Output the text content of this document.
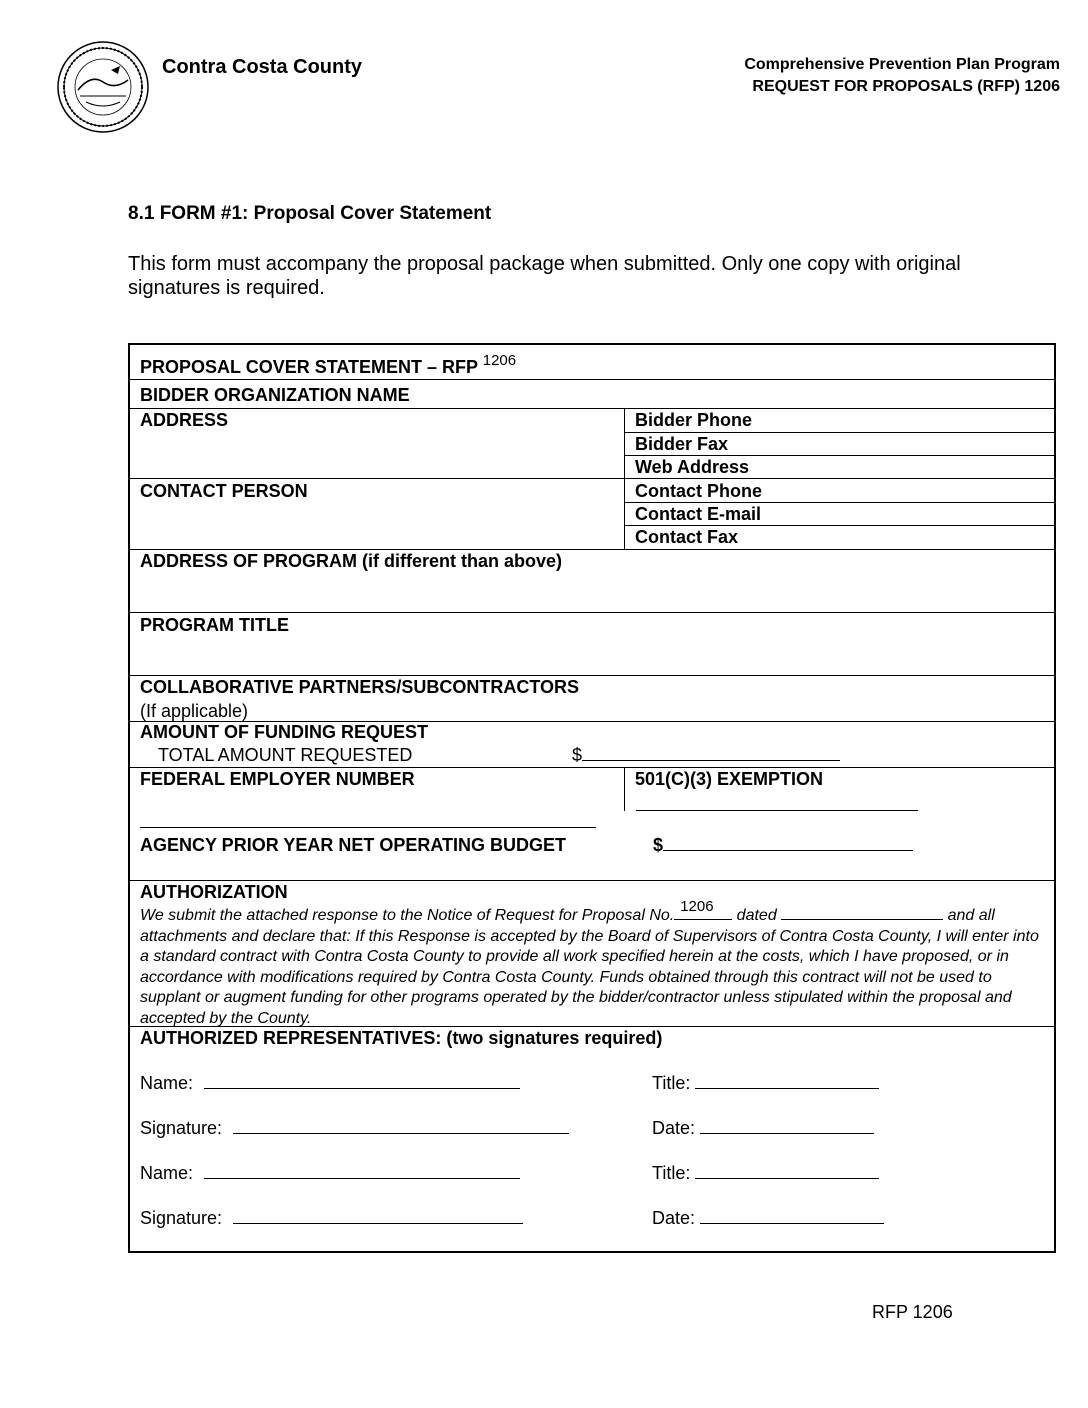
Contra Costa County	Comprehensive Prevention Plan Program
REQUEST FOR PROPOSALS (RFP) 1206
8.1 FORM #1: Proposal Cover Statement
This form must accompany the proposal package when submitted. Only one copy with original signatures is required.
PROPOSAL COVER STATEMENT – RFP $^{1206}$
BIDDER ORGANIZATION NAME
ADDRESS	Bidder Phone
Bidder Fax
Web Address
CONTACT PERSON	Contact Phone
Contact E-mail
Contact Fax
ADDRESS OF PROGRAM (if different than above)
PROGRAM TITLE
COLLABORATIVE PARTNERS/SUBCONTRACTORS
(If applicable)
AMOUNT OF FUNDING REQUEST
TOTAL AMOUNT REQUESTED	$
FEDERAL EMPLOYER NUMBER	501(C)(3) EXEMPTION
AGENCY PRIOR YEAR NET OPERATING BUDGET	$
AUTHORIZATION
We submit the attached response to the Notice of Request for Proposal No.
1206
dated	and all attachments and declare that: If this Response is accepted by the Board of Supervisors of Contra Costa County, I will enter into a standard contract with Contra Costa County to provide all work specified herein at the costs, which I have proposed, or in accordance with modifications required by Contra Costa County. Funds obtained through this contract will not be used to supplant or augment funding for other programs operated by the bidder/contractor unless stipulated within the proposal and accepted by the County.
AUTHORIZED REPRESENTATIVES: (two signatures required)
Name:	Title:
Signature:	Date:
Name:	Title:
Signature:	Date:
RFP 1206
